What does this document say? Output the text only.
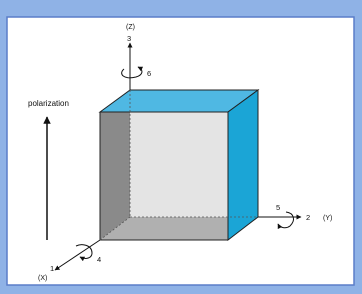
polarization
(Z)
3
6
2 (Y)
5
1
(X)
4
